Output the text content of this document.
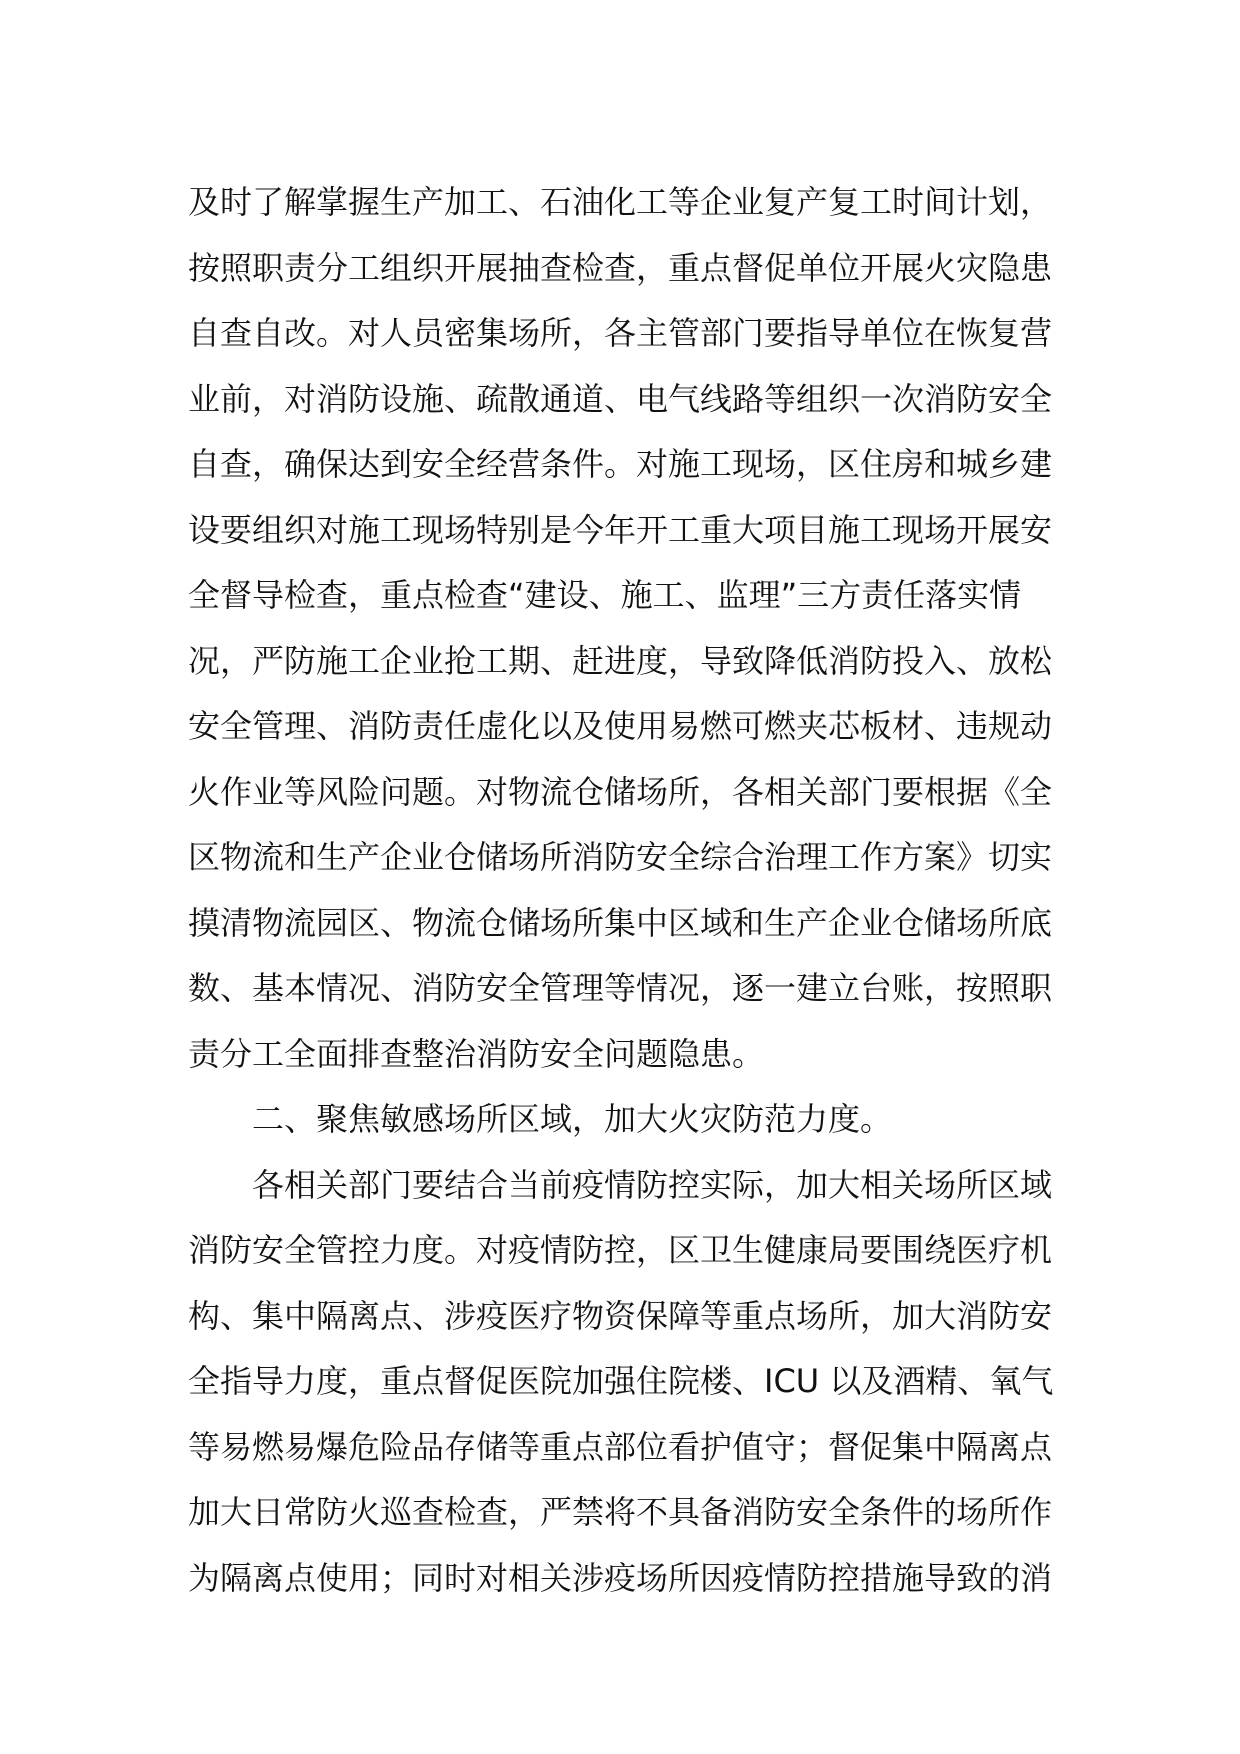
及时了解掌握生产加工、石油化工等企业复产复工时间计划，
按照职责分工组织开展抽查检查，重点督促单位开展火灾隐患
自查自改。对人员密集场所，各主管部门要指导单位在恢复营
业前，对消防设施、疏散通道、电气线路等组织一次消防安全
自查，确保达到安全经营条件。对施工现场，区住房和城乡建
设要组织对施工现场特别是今年开工重大项目施工现场开展安
全督导检查，重点检查“建设、施工、监理”三方责任落实情
况，严防施工企业抢工期、赶进度，导致降低消防投入、放松
安全管理、消防责任虚化以及使用易燃可燃夹芯板材、违规动
火作业等风险问题。对物流仓储场所，各相关部门要根据《全
区物流和生产企业仓储场所消防安全综合治理工作方案》切实
摸清物流园区、物流仓储场所集中区域和生产企业仓储场所底
数、基本情况、消防安全管理等情况，逐一建立台账，按照职
责分工全面排查整治消防安全问题隐患。
二、聚焦敏感场所区域，加大火灾防范力度。
各相关部门要结合当前疫情防控实际，加大相关场所区域
消防安全管控力度。对疫情防控，区卫生健康局要围绕医疗机
构、集中隔离点、涉疫医疗物资保障等重点场所，加大消防安
全指导力度，重点督促医院加强住院楼、ICU 以及酒精、氧气
等易燃易爆危险品存储等重点部位看护值守；督促集中隔离点
加大日常防火巡查检查，严禁将不具备消防安全条件的场所作
为隔离点使用；同时对相关涉疫场所因疫情防控措施导致的消
